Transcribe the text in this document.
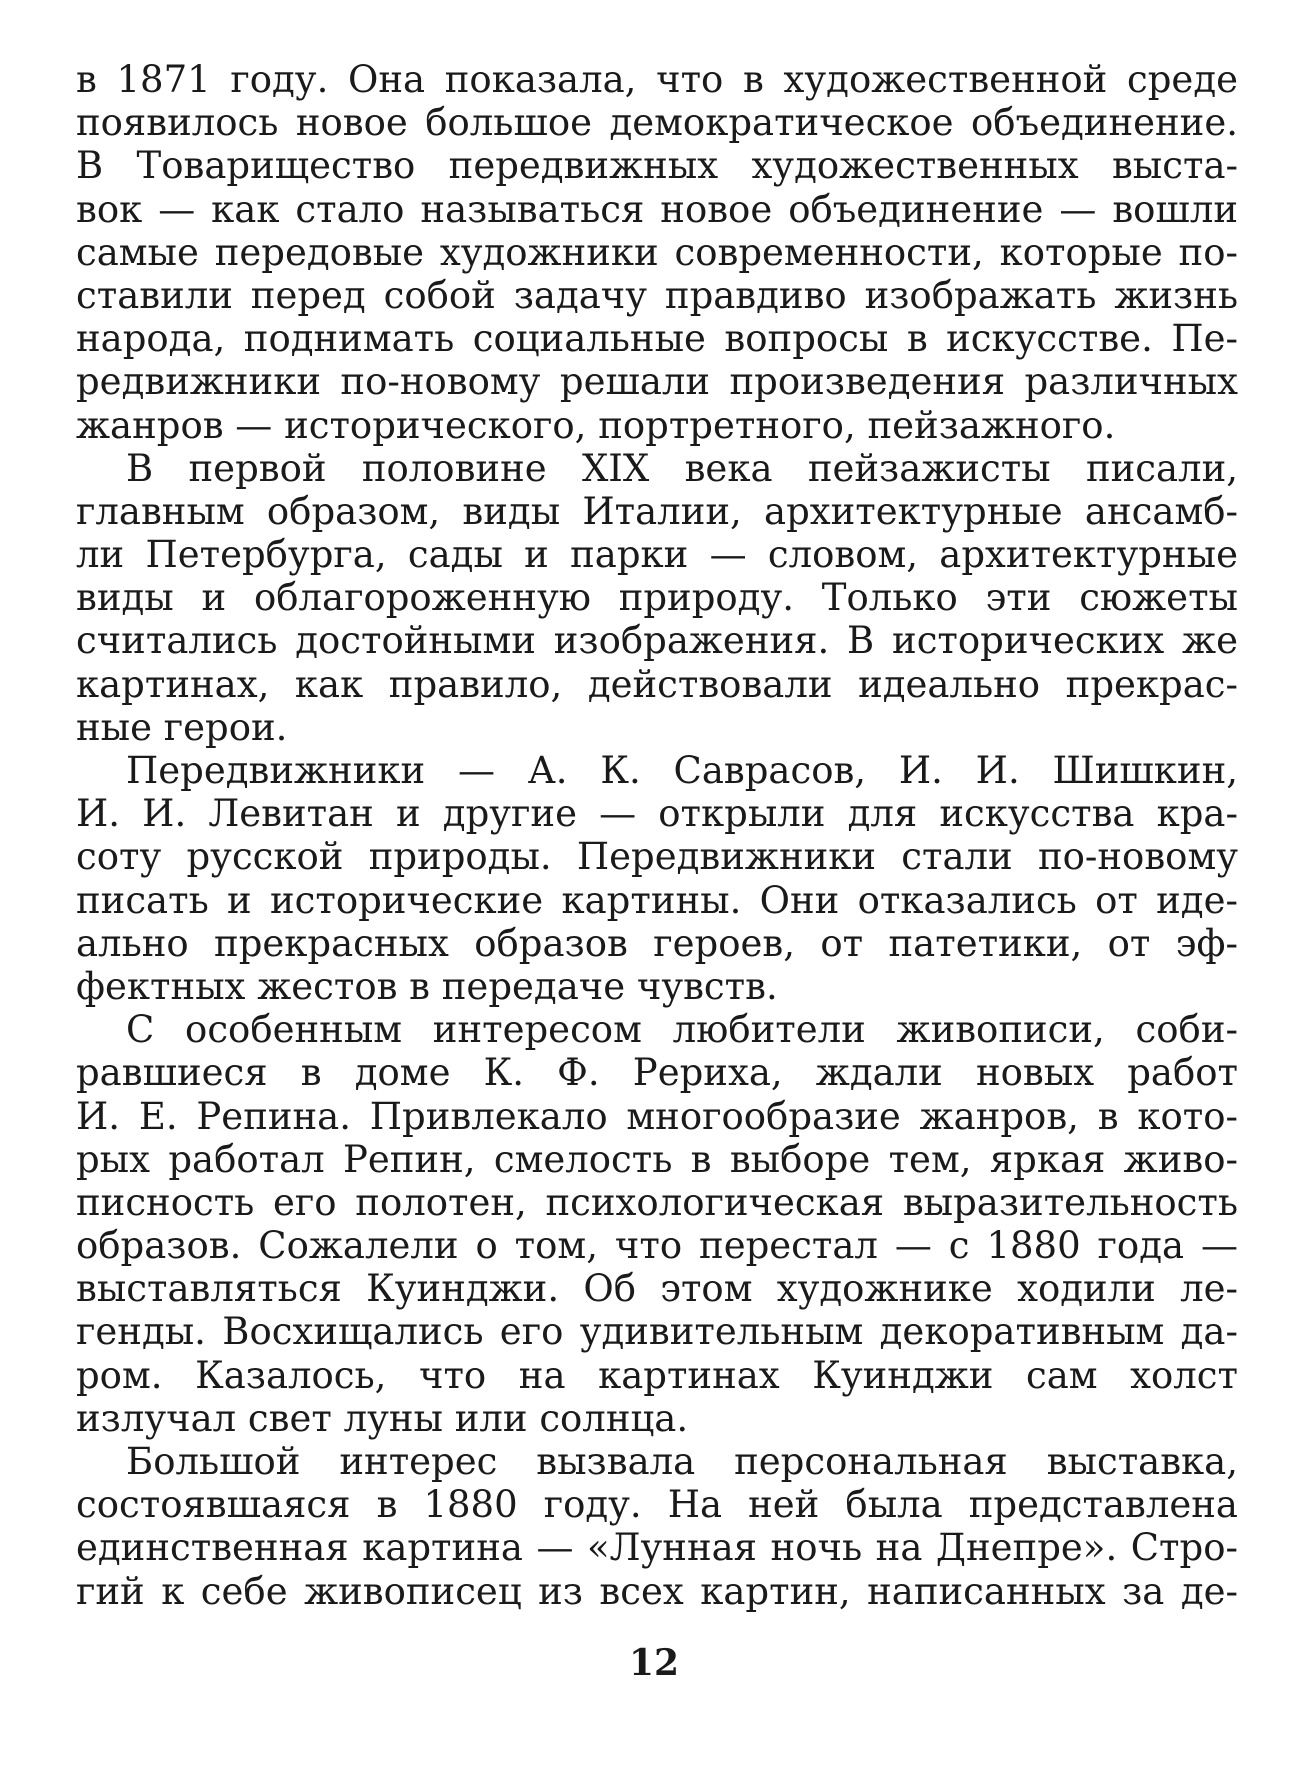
в 1871 году. Она показала, что в художественной среде
появилось новое большое демократическое объединение.
В Товарищество передвижных художественных выста-
вок — как стало называться новое объединение — вошли
самые передовые художники современности, которые по-
ставили перед собой задачу правдиво изображать жизнь
народа, поднимать социальные вопросы в искусстве. Пе-
редвижники по-новому решали произведения различных
жанров — исторического, портретного, пейзажного.
В первой половине XIX века пейзажисты писали,
главным образом, виды Италии, архитектурные ансамб-
ли Петербурга, сады и парки — словом, архитектурные
виды и облагороженную природу. Только эти сюжеты
считались достойными изображения. В исторических же
картинах, как правило, действовали идеально прекрас-
ные герои.
Передвижники — А. К. Саврасов, И. И. Шишкин,
И. И. Левитан и другие — открыли для искусства кра-
соту русской природы. Передвижники стали по-новому
писать и исторические картины. Они отказались от иде-
ально прекрасных образов героев, от патетики, от эф-
фектных жестов в передаче чувств.
С особенным интересом любители живописи, соби-
равшиеся в доме К. Ф. Рериха, ждали новых работ
И. Е. Репина. Привлекало многообразие жанров, в кото-
рых работал Репин, смелость в выборе тем, яркая живо-
писность его полотен, психологическая выразительность
образов. Сожалели о том, что перестал — с 1880 года —
выставляться Куинджи. Об этом художнике ходили ле-
генды. Восхищались его удивительным декоративным да-
ром. Казалось, что на картинах Куинджи сам холст
излучал свет луны или солнца.
Большой интерес вызвала персональная выставка,
состоявшаяся в 1880 году. На ней была представлена
единственная картина — «Лунная ночь на Днепре». Стро-
гий к себе живописец из всех картин, написанных за де-
12
